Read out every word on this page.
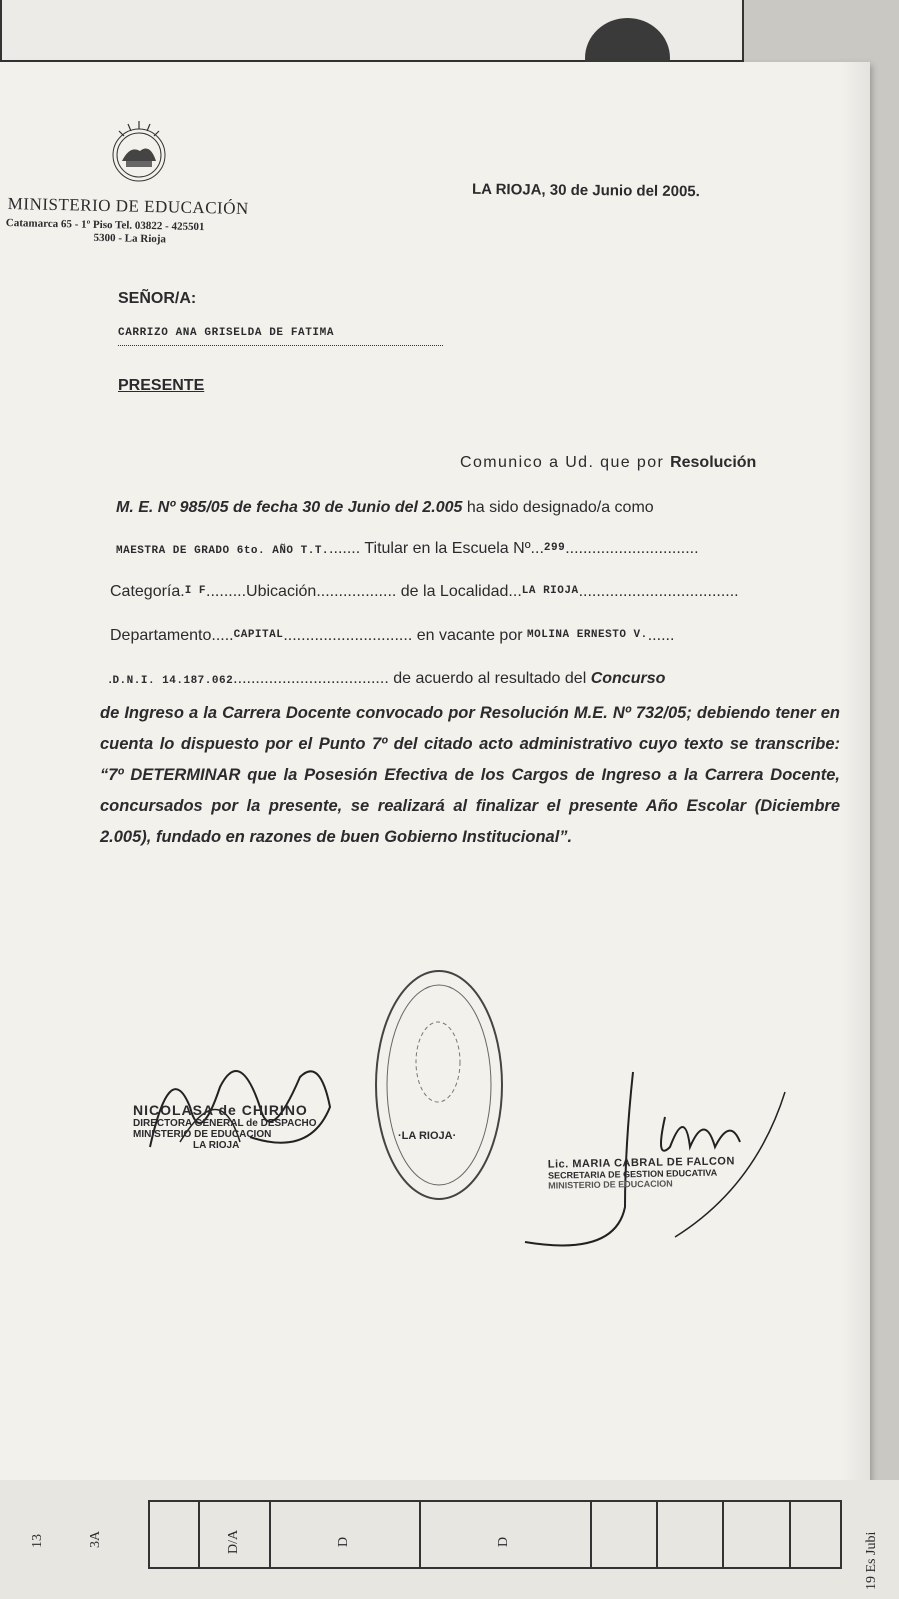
MINISTERIO DE EDUCACIÓN
Catamarca 65 - 1º Piso Tel. 03822 - 425501
5300 - La Rioja
LA RIOJA, 30 de Junio del 2005.
SEÑOR/A:
CARRIZO ANA GRISELDA DE FATIMA
PRESENTE
Comunico a Ud. que por Resolución
M. E. Nº 985/05 de fecha 30 de Junio del 2.005 ha sido designado/a como
MAESTRA DE GRADO 6to. AÑO T.T........ Titular en la Escuela Nº...299..............................
Categoría.I F.........Ubicación.................. de la Localidad...LA RIOJA....................................
Departamento.....CAPITAL............................. en vacante por MOLINA ERNESTO V.......
.D.N.I. 14.187.062................................... de acuerdo al resultado del Concurso
de Ingreso a la Carrera Docente convocado por Resolución M.E. Nº 732/05; debiendo tener en cuenta lo dispuesto por el Punto 7º del citado acto administrativo cuyo texto se transcribe: “7º DETERMINAR que la Posesión Efectiva de los Cargos de Ingreso a la Carrera Docente, concursados por la presente, se realizará al finalizar el presente Año Escolar (Diciembre 2.005), fundado en razones de buen Gobierno Institucional”.
NICOLASA de CHIRINO
DIRECTORA GENERAL de DESPACHO
MINISTERIO DE EDUCACION
LA RIOJA
·LA RIOJA·
Lic. MARIA CABRAL DE FALCON
SECRETARIA DE GESTION EDUCATIVA
MINISTERIO DE EDUCACION
13	3A	D/A	D	D	19 Es Jubi
